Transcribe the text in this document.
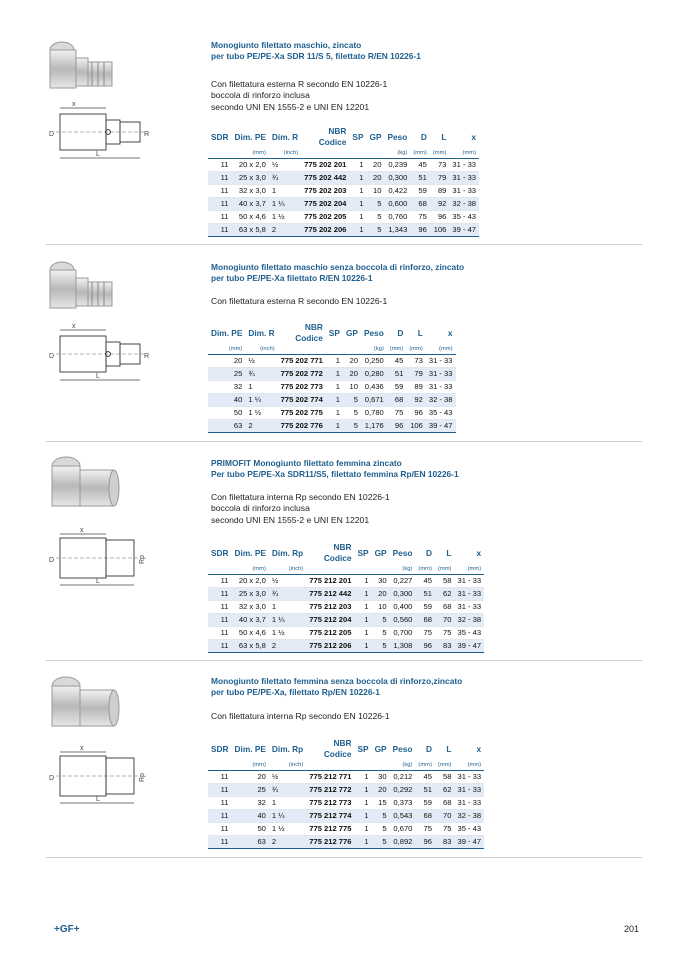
x
D	R
L
Monogiunto filettato maschio, zincato
per tubo PE/PE-Xa SDR 11/S 5, filettato R/EN 10226-1
Con filettatura esterna R secondo EN 10226-1
boccola di rinforzo inclusa
secondo UNI EN 1555-2 e UNI EN 12201
SDR	Dim. PE	Dim. R	NBR
Codice	SP	GP	Peso	D	L	x
	(mm)	(inch)				(kg)	(mm)	(mm)	(mm)
11	20 x 2,0	½	775 202 201	1	20	0,239	45	73	31 - 33
11	25 x 3,0	¾	775 202 442	1	20	0,300	51	79	31 - 33
11	32 x 3,0	1	775 202 203	1	10	0,422	59	89	31 - 33
11	40 x 3,7	1 ¼	775 202 204	1	5	0,600	68	92	32 - 38
11	50 x 4,6	1 ½	775 202 205	1	5	0,760	75	96	35 - 43
11	63 x 5,8	2	775 202 206	1	5	1,343	96	106	39 - 47
x
D	R
L
Monogiunto filettato maschio senza boccola di rinforzo, zincato
per tubo PE/PE-Xa filettato R/EN 10226-1
Con filettatura esterna R secondo EN 10226-1
Dim. PE	Dim. R	NBR
Codice	SP	GP	Peso	D	L	x
(mm)	(inch)				(kg)	(mm)	(mm)	(mm)
20	½	775 202 771	1	20	0,250	45	73	31 - 33
25	¾	775 202 772	1	20	0,280	51	79	31 - 33
32	1	775 202 773	1	10	0,436	59	89	31 - 33
40	1 ¼	775 202 774	1	5	0,671	68	92	32 - 38
50	1 ½	775 202 775	1	5	0,780	75	96	35 - 43
63	2	775 202 776	1	5	1,176	96	106	39 - 47
x
D	Rp
L
PRIMOFIT Monogiunto filettato femmina zincato
Per tubo PE/PE-Xa SDR11/S5, filettato femmina Rp/EN 10226-1
Con filettatura interna Rp secondo EN 10226-1
boccola di rinforzo inclusa
secondo UNI EN 1555-2 e UNI EN 12201
SDR	Dim. PE	Dim. Rp	NBR
Codice	SP	GP	Peso	D	L	x
	(mm)	(inch)				(kg)	(mm)	(mm)	(mm)
11	20 x 2,0	½	775 212 201	1	30	0,227	45	58	31 - 33
11	25 x 3,0	¾	775 212 442	1	20	0,300	51	62	31 - 33
11	32 x 3,0	1	775 212 203	1	10	0,400	59	68	31 - 33
11	40 x 3,7	1 ¼	775 212 204	1	5	0,560	68	70	32 - 38
11	50 x 4,6	1 ½	775 212 205	1	5	0,700	75	75	35 - 43
11	63 x 5,8	2	775 212 206	1	5	1,308	96	83	39 - 47
x
D	Rp
L
Monogiunto filettato femmina senza boccola di rinforzo,zincato
per tubo PE/PE-Xa, filettato Rp/EN 10226-1
Con filettatura interna Rp secondo EN 10226-1
SDR	Dim. PE	Dim. Rp	NBR
Codice	SP	GP	Peso	D	L	x
	(mm)	(inch)				(kg)	(mm)	(mm)	(mm)
11	20	½	775 212 771	1	30	0,212	45	58	31 - 33
11	25	¾	775 212 772	1	20	0,292	51	62	31 - 33
11	32	1	775 212 773	1	15	0,373	59	68	31 - 33
11	40	1 ¼	775 212 774	1	5	0,543	68	70	32 - 38
11	50	1 ½	775 212 775	1	5	0,670	75	75	35 - 43
11	63	2	775 212 776	1	5	0,892	96	83	39 - 47
+GF+	201
